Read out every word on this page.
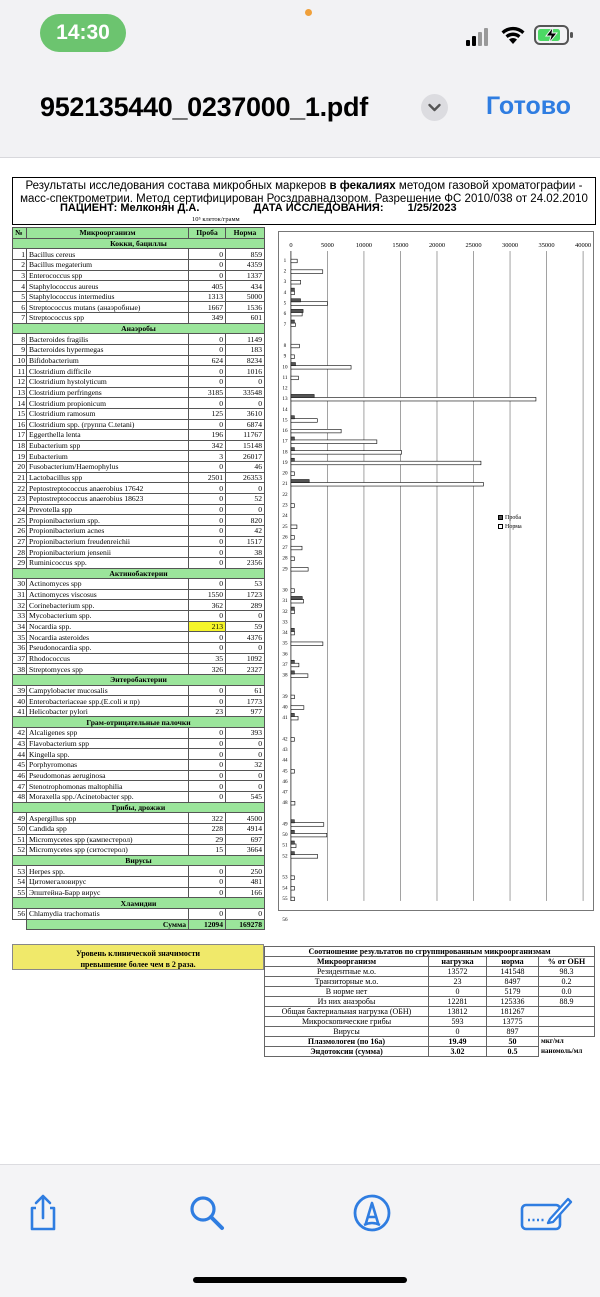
14:30
952135440_0237000_1.pdf	Готово
Результаты исследования состава микробных маркеров в фекалиях методом газовой хроматографии - масс-спектрометрии. Метод сертифицирован Росздравнадзором. Разрешение ФС 2010/038 от 24.02.2010
ПАЦИЕНТ: Мелконян Д.А.	ДАТА ИССЛЕДОВАНИЯ: 1/25/2023
10⁵ клеток/грамм
№	Микроорганизм	Проба	Норма
Кокки, бациллы			
1	Bacillus cereus	0	859
2	Bacillus megaterium	0	4359
3	Enterococcus spp	0	1337
4	Staphylococcus aureus	405	434
5	Staphylococcus intermedius	1313	5000
6	Streptococcus mutans (анаэробные)	1667	1536
7	Streptococcus spp	349	601
Анаэробы			
8	Bacteroides fragilis	0	1149
9	Bacteroides hypermegas	0	183
10	Bifidobacterium	624	8234
11	Clostridium difficile	0	1016
12	Clostridium hystolyticum	0	0
13	Clostridium perfringens	3185	33548
14	Clostridium propionicum	0	0
15	Clostridium ramosum	125	3610
16	Clostridium spp. (группа C.tetani)	0	6874
17	Eggerthella lenta	196	11767
18	Eubacterium spp	342	15148
19	Eubacterium	3	26017
20	Fusobacterium/Haemophylus	0	46
21	Lactobacillus spp	2501	26353
22	Peptostreptococcus anaerobius 17642	0	0
23	Peptostreptococcus anaerobius 18623	0	52
24	Prevotella spp	0	0
25	Propionibacterium spp.	0	820
26	Propionibacterium acnes	0	42
27	Propionibacterium freudenreichii	0	1517
28	Propionibacterium jensenii	0	38
29	Ruminicoccus spp.	0	2356
Актинобактерии			
30	Actinomyces spp	0	53
31	Actinomyces viscosus	1550	1723
32	Corinebacterium spp.	362	289
33	Mycobacterium spp.	0	0
34	Nocardia spp.	213	59
35	Nocardia asteroides	0	4376
36	Pseudonocardia spp.	0	0
37	Rhodococcus	35	1092
38	Streptomyces spp	326	2327
Энтеробактерии			
39	Campylobacter mucosalis	0	61
40	Enterobacteriaceae spp.(E.coli и пр)	0	1773
41	Helicobacter pylori	23	977
Грам-отрицательные палочки			
42	Alcaligenes spp	0	393
43	Flavobacterium spp	0	0
44	Kingella spp.	0	0
45	Porphyromonas	0	32
46	Pseudomonas aeruginosa	0	0
47	Stenotrophomonas maltophilia	0	0
48	Moraxella spp./Acinetobacter spp.	0	545
Грибы, дрожжи			
49	Aspergillus spp	322	4500
50	Candida spp	228	4914
51	Micromycetes spp (кампестерол)	29	697
52	Micromycetes spp (ситостерол)	15	3664
Вирусы			
53	Herpes spp.	0	250
54	Цитомегаловирус	0	481
55	Эпштейна-Барр вирус	0	166
Хламидии			
56	Chlamydia trachomatis	0	0
	Сумма	12094	169278
Уровень клинической значимости
превышение более чем в 2 раза.
0	5000	10000	15000	20000	25000	30000	35000	40000
1
2
3
4
5
6
7
8
9
10
11
12
13
14
15
16
17
18
19
20
21
22
23
24
25
26
27
28
29
30
31
32
33
34
35
36
37
38
39
40
41
42
43
44
45
46
47
48
49
50
51
52
53
54
55
56
Проба
Норма
Соотношение результатов по сгруппированным микроорганизмам			
Микроорганизм	нагрузка	норма	% от ОБН
Резидентные м.о.	13572	141548	98.3
Транзиторные м.о.	23	8497	0.2
В норме нет	0	5179	0.0
Из них анаэробы	12281	125336	88.9
Общая бактериальная нагрузка (ОБН)	13812	181267	
Микроскопические грибы	593	13775	
Вирусы	0	897	
Плазмологен (по 16а)	19.49	50	мкг/мл
Эндотоксин (сумма)	3.02	0.5	наномоль/мл
